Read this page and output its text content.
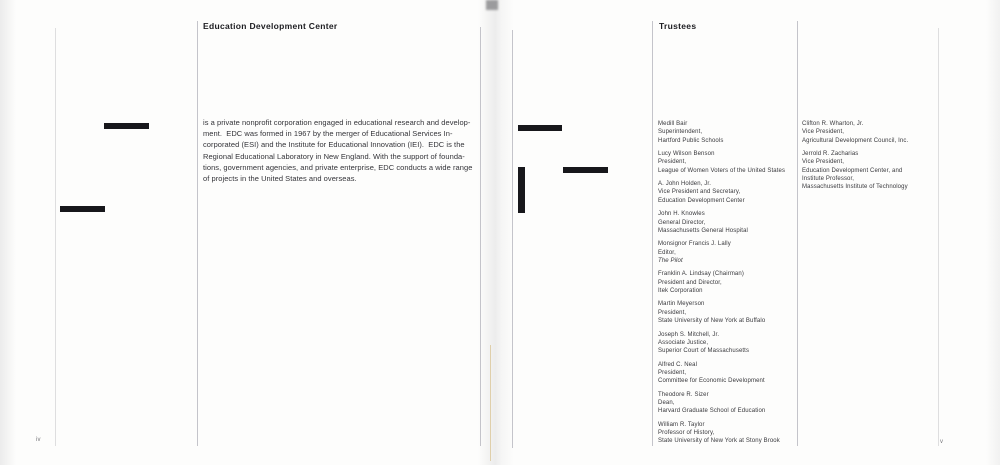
Education Development Center
is a private nonprofit corporation engaged in educational research and develop-
ment.  EDC was formed in 1967 by the merger of Educational Services In-
corporated (ESI) and the Institute for Educational Innovation (IEI).  EDC is the
Regional Educational Laboratory in New England. With the support of founda-
tions, government agencies, and private enterprise, EDC conducts a wide range
of projects in the United States and overseas.
iv
Trustees
Medill Bair
Superintendent,
Hartford Public Schools
Lucy Wilson Benson
President,
League of Women Voters of the United States
A. John Holden, Jr.
Vice President and Secretary,
Education Development Center
John H. Knowles
General Director,
Massachusetts General Hospital
Monsignor Francis J. Lally
Editor,
The Pilot
Franklin A. Lindsay (Chairman)
President and Director,
Itek Corporation
Martin Meyerson
President,
State University of New York at Buffalo
Joseph S. Mitchell, Jr.
Associate Justice,
Superior Court of Massachusetts
Alfred C. Neal
President,
Committee for Economic Development
Theodore R. Sizer
Dean,
Harvard Graduate School of Education
William R. Taylor
Professor of History,
State University of New York at Stony Brook
Clifton R. Wharton, Jr.
Vice President,
Agricultural Development Council, Inc.
Jerrold R. Zacharias
Vice President,
Education Development Center, and
Institute Professor,
Massachusetts Institute of Technology
v
